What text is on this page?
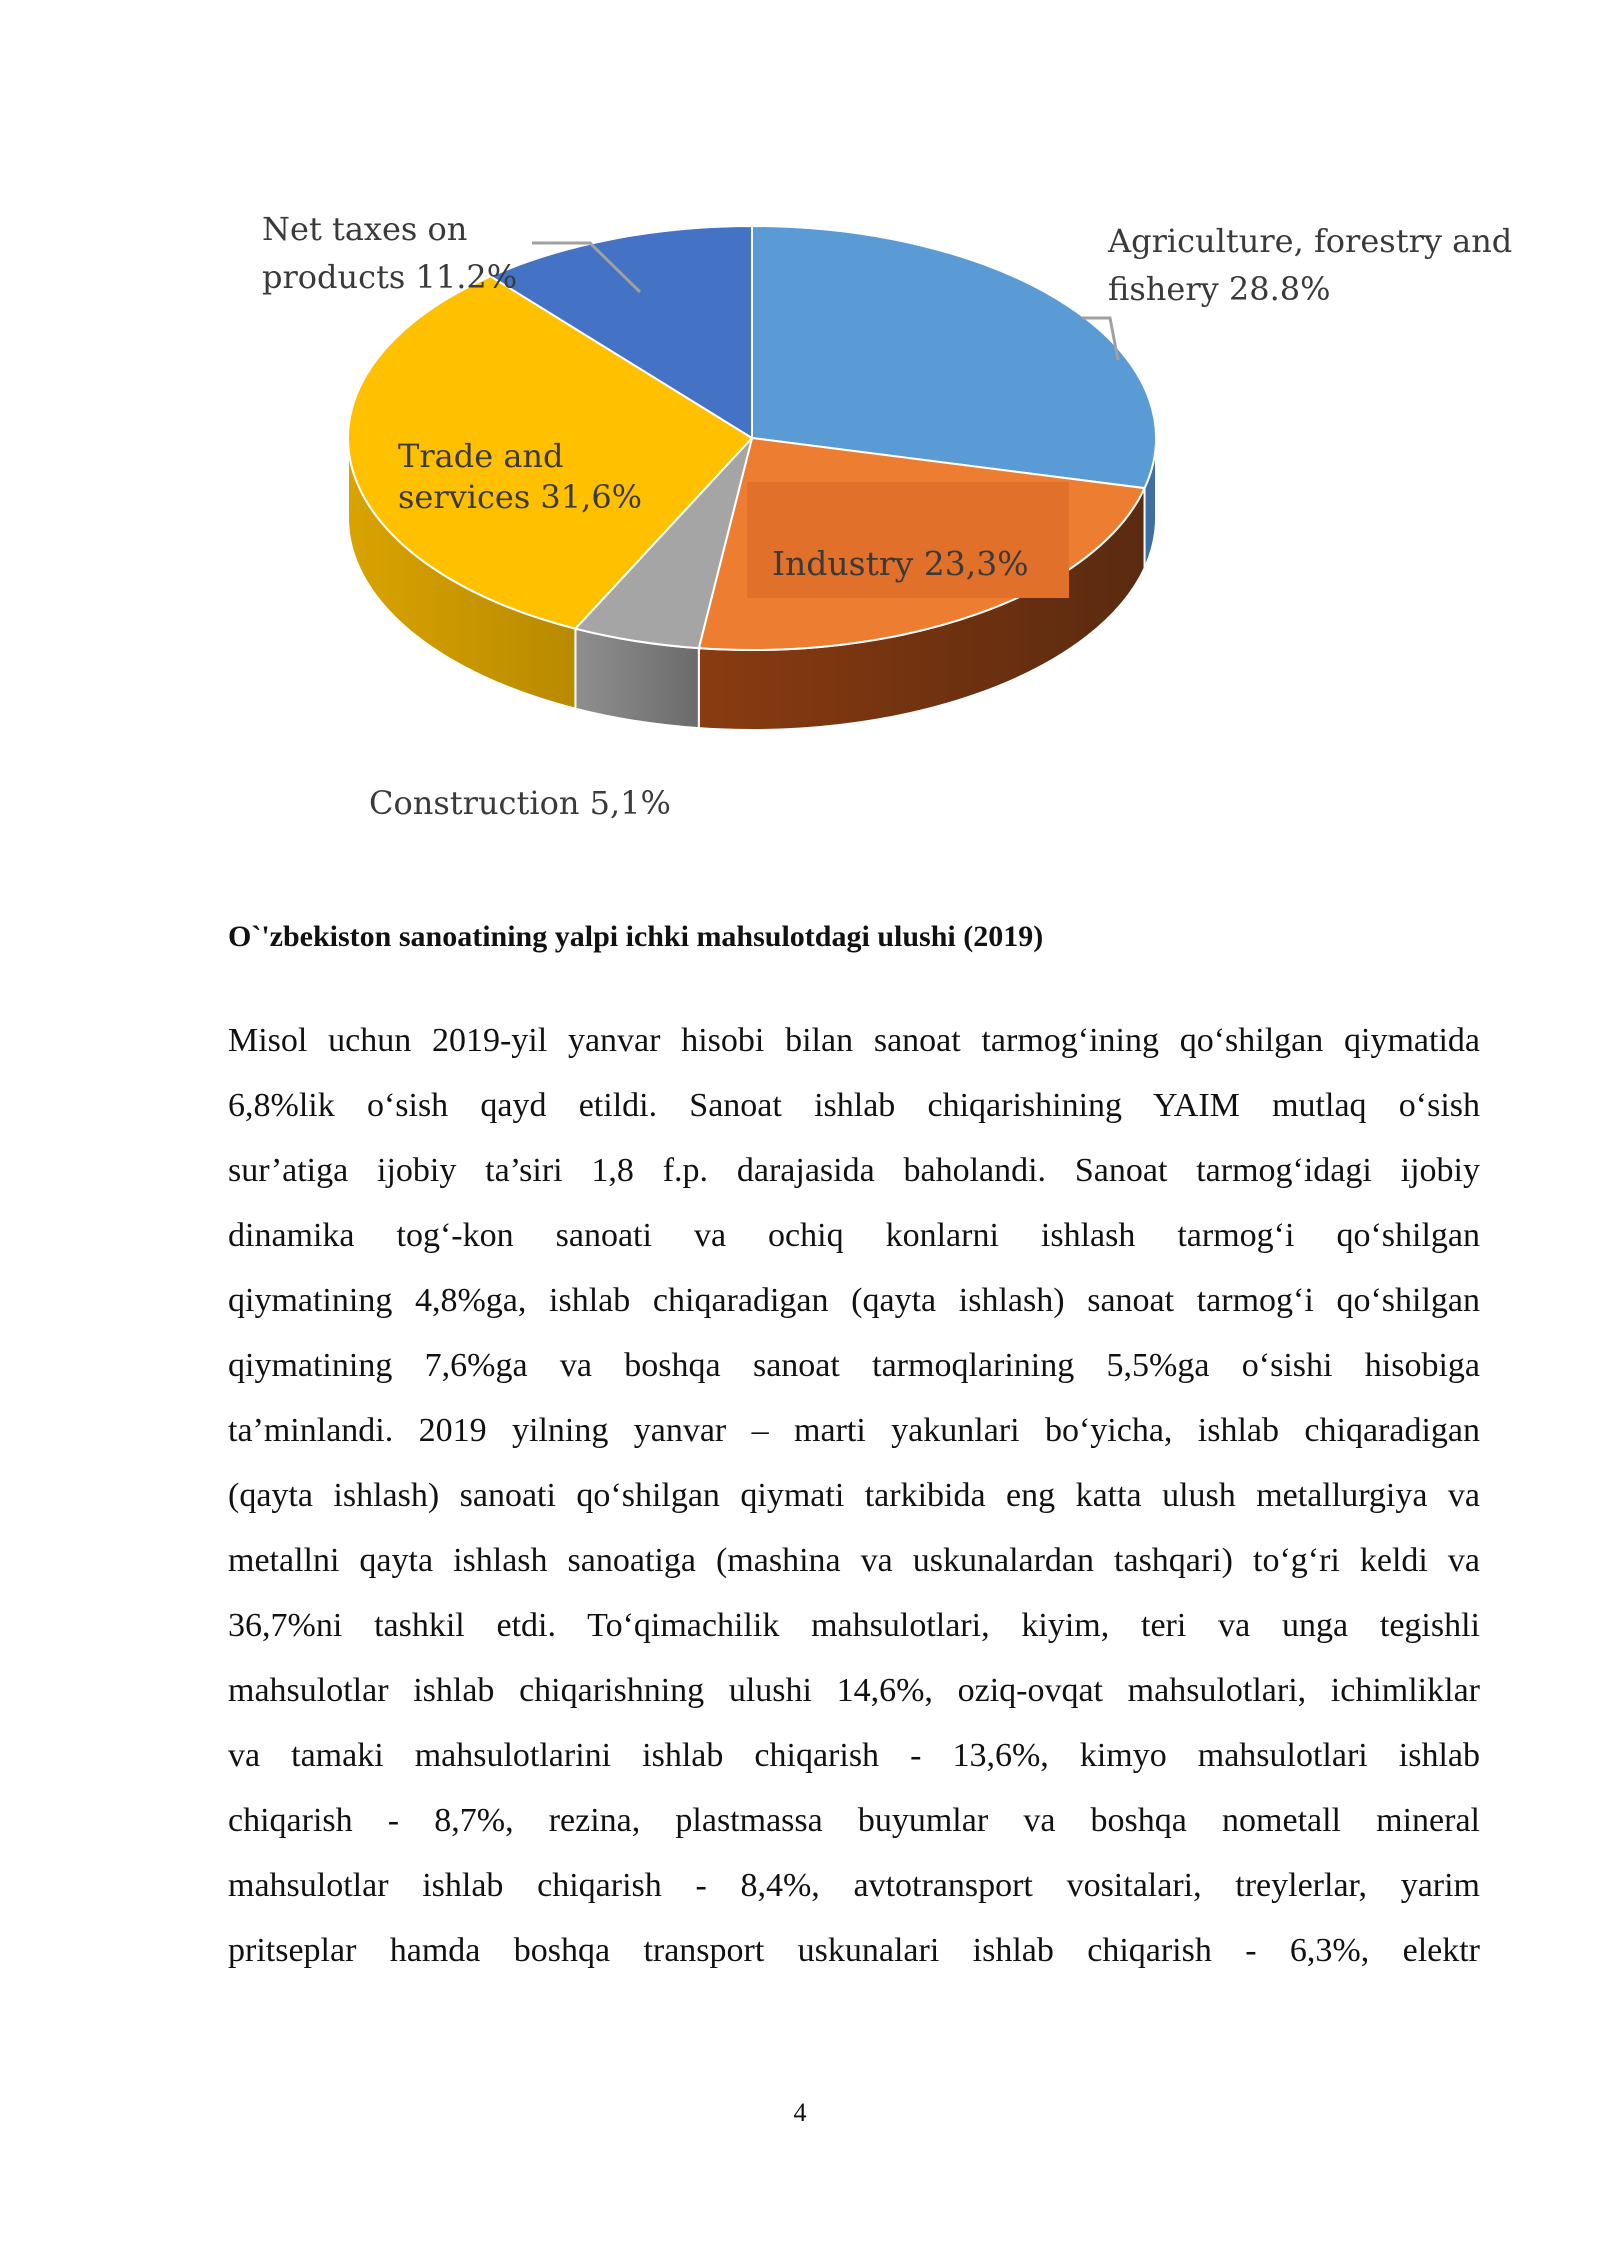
Net taxes on
products 11.2%
Agriculture, forestry and
fishery 28.8%
Trade and
services 31,6%
Industry 23,3%
Construction 5,1%
O`'zbekiston sanoatining yalpi ichki mahsulotdagi ulushi (2019)
Misol uchun 2019-yil yanvar hisobi bilan sanoat tarmog‘ining qo‘shilgan qiymatida
6,8%lik o‘sish qayd etildi. Sanoat ishlab chiqarishining YAIM mutlaq o‘sish
sur’atiga ijobiy ta’siri 1,8 f.p. darajasida baholandi. Sanoat tarmog‘idagi ijobiy
dinamika tog‘-kon sanoati va ochiq konlarni ishlash tarmog‘i qo‘shilgan
qiymatining 4,8%ga, ishlab chiqaradigan (qayta ishlash) sanoat tarmog‘i qo‘shilgan
qiymatining 7,6%ga va boshqa sanoat tarmoqlarining 5,5%ga o‘sishi hisobiga
ta’minlandi. 2019 yilning yanvar – marti yakunlari bo‘yicha, ishlab chiqaradigan
(qayta ishlash) sanoati qo‘shilgan qiymati tarkibida eng katta ulush metallurgiya va
metallni qayta ishlash sanoatiga (mashina va uskunalardan tashqari) to‘g‘ri keldi va
36,7%ni tashkil etdi. To‘qimachilik mahsulotlari, kiyim, teri va unga tegishli
mahsulotlar ishlab chiqarishning ulushi 14,6%, oziq-ovqat mahsulotlari, ichimliklar
va tamaki mahsulotlarini ishlab chiqarish - 13,6%, kimyo mahsulotlari ishlab
chiqarish - 8,7%, rezina, plastmassa buyumlar va boshqa nometall mineral
mahsulotlar ishlab chiqarish - 8,4%, avtotransport vositalari, treylerlar, yarim
pritseplar hamda boshqa transport uskunalari ishlab chiqarish - 6,3%, elektr
4
